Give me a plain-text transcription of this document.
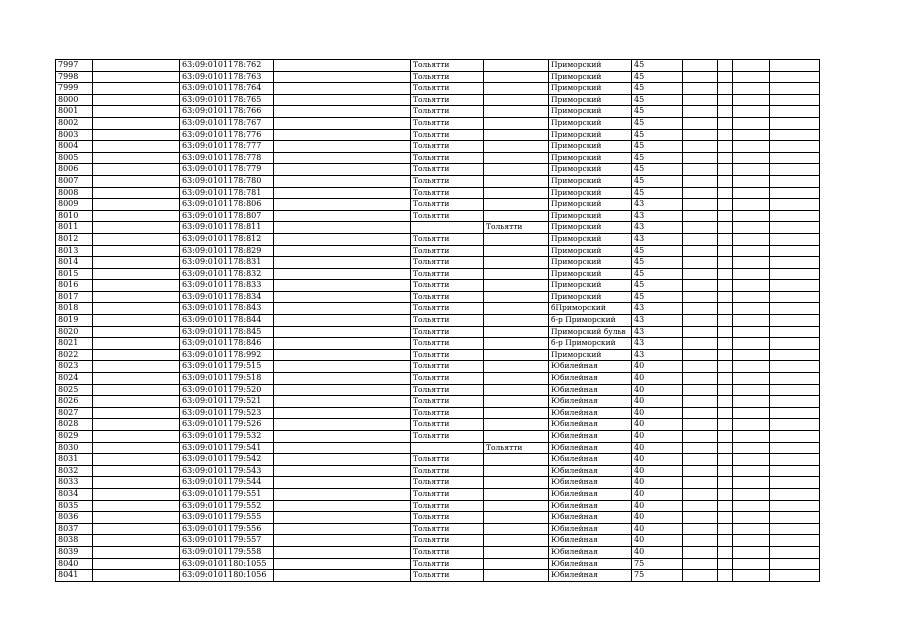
7997		63:09:0101178:762		Тольятти		Приморский	45				
7998		63:09:0101178:763		Тольятти		Приморский	45				
7999		63:09:0101178:764		Тольятти		Приморский	45				
8000		63:09:0101178:765		Тольятти		Приморский	45				
8001		63:09:0101178:766		Тольятти		Приморский	45				
8002		63:09:0101178:767		Тольятти		Приморский	45				
8003		63:09:0101178:776		Тольятти		Приморский	45				
8004		63:09:0101178:777		Тольятти		Приморский	45				
8005		63:09:0101178:778		Тольятти		Приморский	45				
8006		63:09:0101178:779		Тольятти		Приморский	45				
8007		63:09:0101178:780		Тольятти		Приморский	45				
8008		63:09:0101178:781		Тольятти		Приморский	45				
8009		63:09:0101178:806		Тольятти		Приморский	43				
8010		63:09:0101178:807		Тольятти		Приморский	43				
8011		63:09:0101178:811			Тольятти	Приморский	43				
8012		63:09:0101178:812		Тольятти		Приморский	43				
8013		63:09:0101178:829		Тольятти		Приморский	45				
8014		63:09:0101178:831		Тольятти		Приморский	45				
8015		63:09:0101178:832		Тольятти		Приморский	45				
8016		63:09:0101178:833		Тольятти		Приморский	45				
8017		63:09:0101178:834		Тольятти		Приморский	45				
8018		63:09:0101178:843		Тольятти		бПриморский	43				
8019		63:09:0101178:844		Тольятти		б-р Приморский	43				
8020		63:09:0101178:845		Тольятти		Приморский бульв	43				
8021		63:09:0101178:846		Тольятти		б-р Приморский	43				
8022		63:09:0101178:992		Тольятти		Приморский	43				
8023		63:09:0101179:515		Тольятти		Юбилейная	40				
8024		63:09:0101179:518		Тольятти		Юбилейная	40				
8025		63:09:0101179:520		Тольятти		Юбилейная	40				
8026		63:09:0101179:521		Тольятти		Юбилейная	40				
8027		63:09:0101179:523		Тольятти		Юбилейная	40				
8028		63:09:0101179:526		Тольятти		Юбилейная	40				
8029		63:09:0101179:532		Тольятти		Юбилейная	40				
8030		63:09:0101179:541			Тольятти	Юбилейная	40				
8031		63:09:0101179:542		Тольятти		Юбилейная	40				
8032		63:09:0101179:543		Тольятти		Юбилейная	40				
8033		63:09:0101179:544		Тольятти		Юбилейная	40				
8034		63:09:0101179:551		Тольятти		Юбилейная	40				
8035		63:09:0101179:552		Тольятти		Юбилейная	40				
8036		63:09:0101179:555		Тольятти		Юбилейная	40				
8037		63:09:0101179:556		Тольятти		Юбилейная	40				
8038		63:09:0101179:557		Тольятти		Юбилейная	40				
8039		63:09:0101179:558		Тольятти		Юбилейная	40				
8040		63:09:0101180:1055		Тольятти		Юбилейная	75				
8041		63:09:0101180:1056		Тольятти		Юбилейная	75				
